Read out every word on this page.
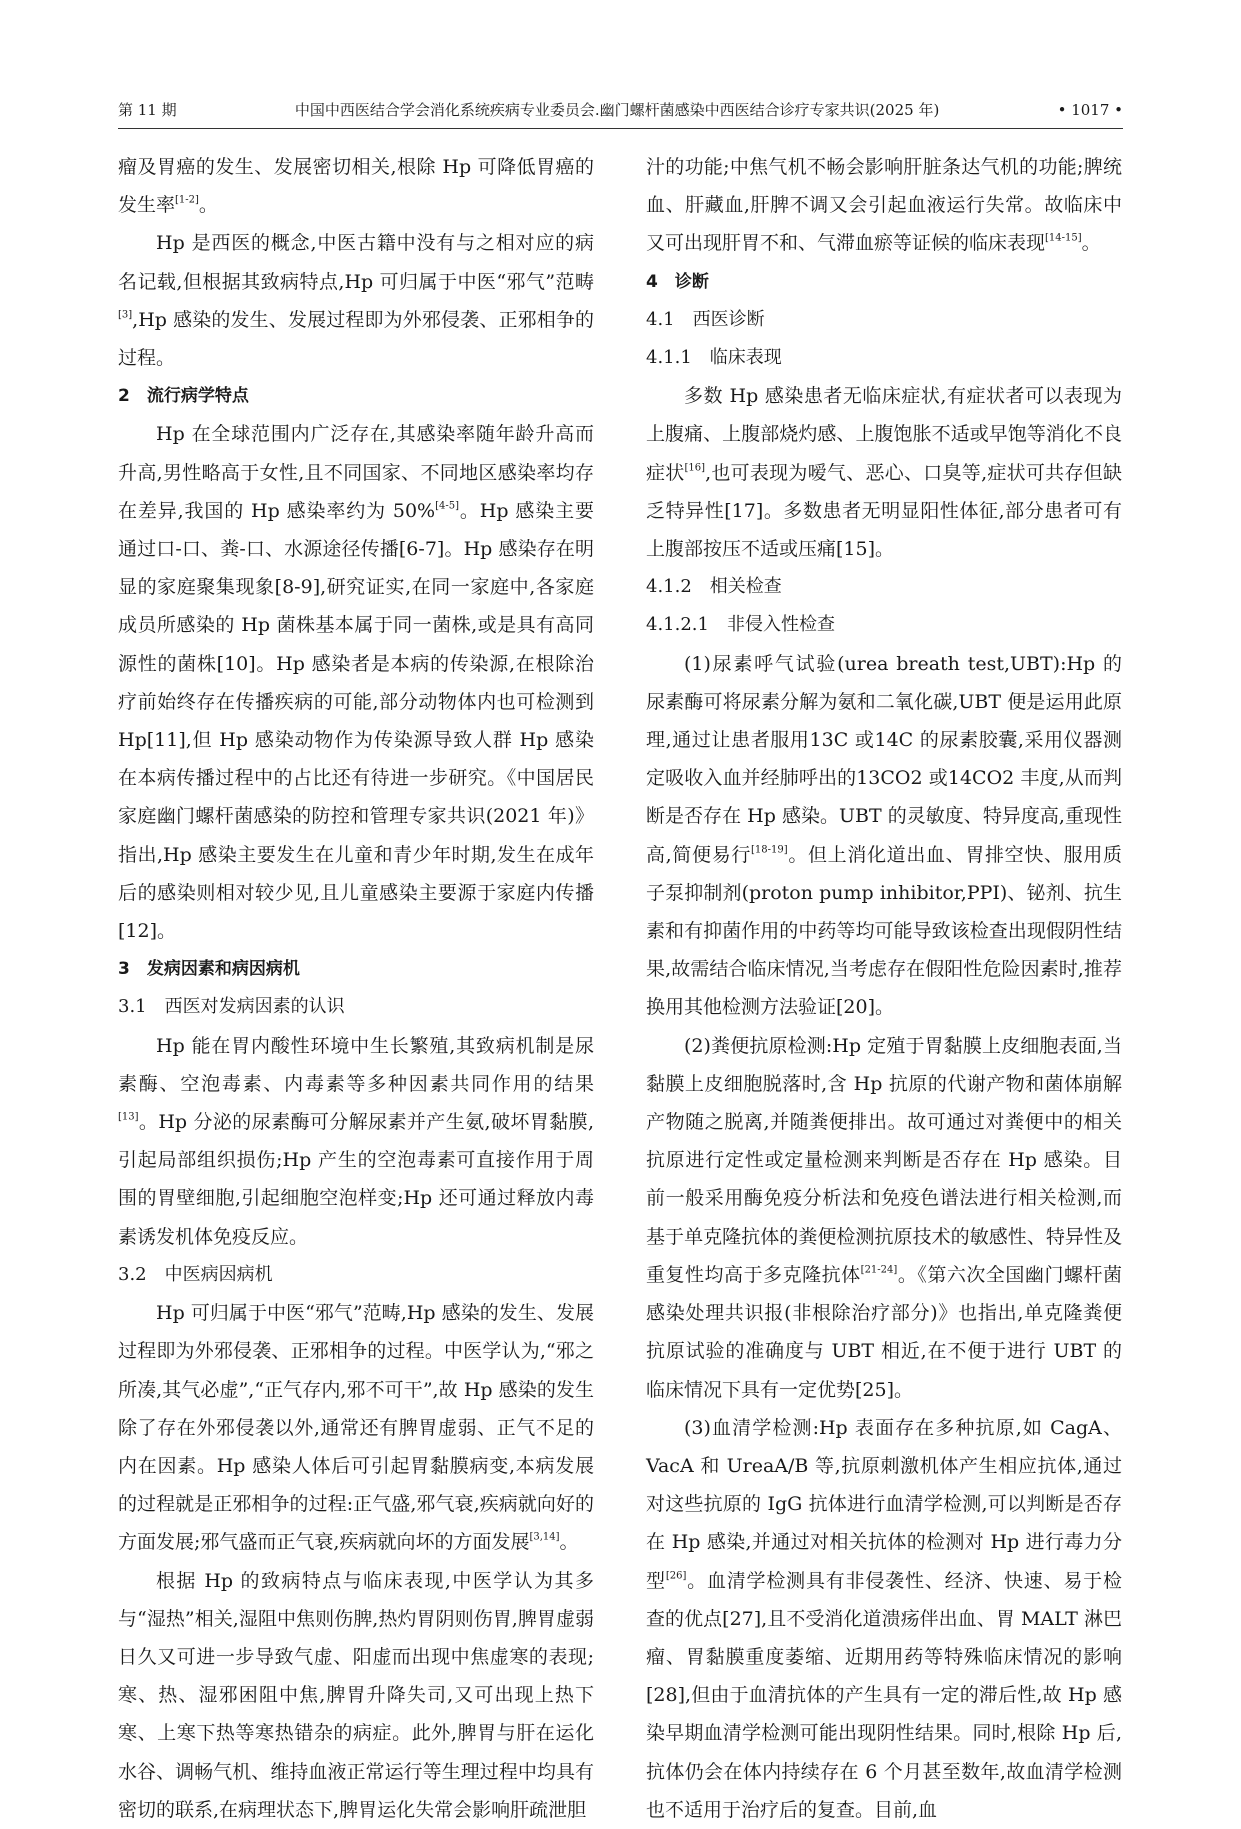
第 11 期	中国中西医结合学会消化系统疾病专业委员会.幽门螺杆菌感染中西医结合诊疗专家共识(2025 年)	• 1017 •

瘤及胃癌的发生、发展密切相关,根除 Hp 可降低胃癌的发生率[1-2]。

Hp 是西医的概念,中医古籍中没有与之相对应的病名记载,但根据其致病特点,Hp 可归属于中医“邪气”范畴[3],Hp 感染的发生、发展过程即为外邪侵袭、正邪相争的过程。

2　流行病学特点

Hp 在全球范围内广泛存在,其感染率随年龄升高而升高,男性略高于女性,且不同国家、不同地区感染率均存在差异,我国的 Hp 感染率约为 50%[4-5]。Hp 感染主要通过口-口、粪-口、水源途径传播[6-7]。Hp 感染存在明显的家庭聚集现象[8-9],研究证实,在同一家庭中,各家庭成员所感染的 Hp 菌株基本属于同一菌株,或是具有高同源性的菌株[10]。Hp 感染者是本病的传染源,在根除治疗前始终存在传播疾病的可能,部分动物体内也可检测到 Hp[11],但 Hp 感染动物作为传染源导致人群 Hp 感染在本病传播过程中的占比还有待进一步研究。《中国居民家庭幽门螺杆菌感染的防控和管理专家共识(2021 年)》指出,Hp 感染主要发生在儿童和青少年时期,发生在成年后的感染则相对较少见,且儿童感染主要源于家庭内传播[12]。

3　发病因素和病因病机

3.1　西医对发病因素的认识

Hp 能在胃内酸性环境中生长繁殖,其致病机制是尿素酶、空泡毒素、内毒素等多种因素共同作用的结果[13]。Hp 分泌的尿素酶可分解尿素并产生氨,破坏胃黏膜,引起局部组织损伤;Hp 产生的空泡毒素可直接作用于周围的胃壁细胞,引起细胞空泡样变;Hp 还可通过释放内毒素诱发机体免疫反应。

3.2　中医病因病机

Hp 可归属于中医“邪气”范畴,Hp 感染的发生、发展过程即为外邪侵袭、正邪相争的过程。中医学认为,“邪之所凑,其气必虚”,“正气存内,邪不可干”,故 Hp 感染的发生除了存在外邪侵袭以外,通常还有脾胃虚弱、正气不足的内在因素。Hp 感染人体后可引起胃黏膜病变,本病发展的过程就是正邪相争的过程:正气盛,邪气衰,疾病就向好的方面发展;邪气盛而正气衰,疾病就向坏的方面发展[3,14]。

根据 Hp 的致病特点与临床表现,中医学认为其多与“湿热”相关,湿阻中焦则伤脾,热灼胃阴则伤胃,脾胃虚弱日久又可进一步导致气虚、阳虚而出现中焦虚寒的表现;寒、热、湿邪困阻中焦,脾胃升降失司,又可出现上热下寒、上寒下热等寒热错杂的病症。此外,脾胃与肝在运化水谷、调畅气机、维持血液正常运行等生理过程中均具有密切的联系,在病理状态下,脾胃运化失常会影响肝疏泄胆

汁的功能;中焦气机不畅会影响肝脏条达气机的功能;脾统血、肝藏血,肝脾不调又会引起血液运行失常。故临床中又可出现肝胃不和、气滞血瘀等证候的临床表现[14-15]。

4　诊断

4.1　西医诊断

4.1.1　临床表现

多数 Hp 感染患者无临床症状,有症状者可以表现为上腹痛、上腹部烧灼感、上腹饱胀不适或早饱等消化不良症状[16],也可表现为嗳气、恶心、口臭等,症状可共存但缺乏特异性[17]。多数患者无明显阳性体征,部分患者可有上腹部按压不适或压痛[15]。

4.1.2　相关检查

4.1.2.1　非侵入性检查

(1)尿素呼气试验(urea breath test,UBT):Hp 的尿素酶可将尿素分解为氨和二氧化碳,UBT 便是运用此原理,通过让患者服用13C 或14C 的尿素胶囊,采用仪器测定吸收入血并经肺呼出的13CO2 或14CO2 丰度,从而判断是否存在 Hp 感染。UBT 的灵敏度、特异度高,重现性高,简便易行[18-19]。但上消化道出血、胃排空快、服用质子泵抑制剂(proton pump inhibitor,PPI)、铋剂、抗生素和有抑菌作用的中药等均可能导致该检查出现假阴性结果,故需结合临床情况,当考虑存在假阳性危险因素时,推荐换用其他检测方法验证[20]。

(2)粪便抗原检测:Hp 定殖于胃黏膜上皮细胞表面,当黏膜上皮细胞脱落时,含 Hp 抗原的代谢产物和菌体崩解产物随之脱离,并随粪便排出。故可通过对粪便中的相关抗原进行定性或定量检测来判断是否存在 Hp 感染。目前一般采用酶免疫分析法和免疫色谱法进行相关检测,而基于单克隆抗体的粪便检测抗原技术的敏感性、特异性及重复性均高于多克隆抗体[21-24]。《第六次全国幽门螺杆菌感染处理共识报(非根除治疗部分)》也指出,单克隆粪便抗原试验的准确度与 UBT 相近,在不便于进行 UBT 的临床情况下具有一定优势[25]。

(3)血清学检测:Hp 表面存在多种抗原,如 CagA、VacA 和 UreaA/B 等,抗原刺激机体产生相应抗体,通过对这些抗原的 IgG 抗体进行血清学检测,可以判断是否存在 Hp 感染,并通过对相关抗体的检测对 Hp 进行毒力分型[26]。血清学检测具有非侵袭性、经济、快速、易于检查的优点[27],且不受消化道溃疡伴出血、胃 MALT 淋巴瘤、胃黏膜重度萎缩、近期用药等特殊临床情况的影响[28],但由于血清抗体的产生具有一定的滞后性,故 Hp 感染早期血清学检测可能出现阴性结果。同时,根除 Hp 后,抗体仍会在体内持续存在 6 个月甚至数年,故血清学检测也不适用于治疗后的复查。目前,血
